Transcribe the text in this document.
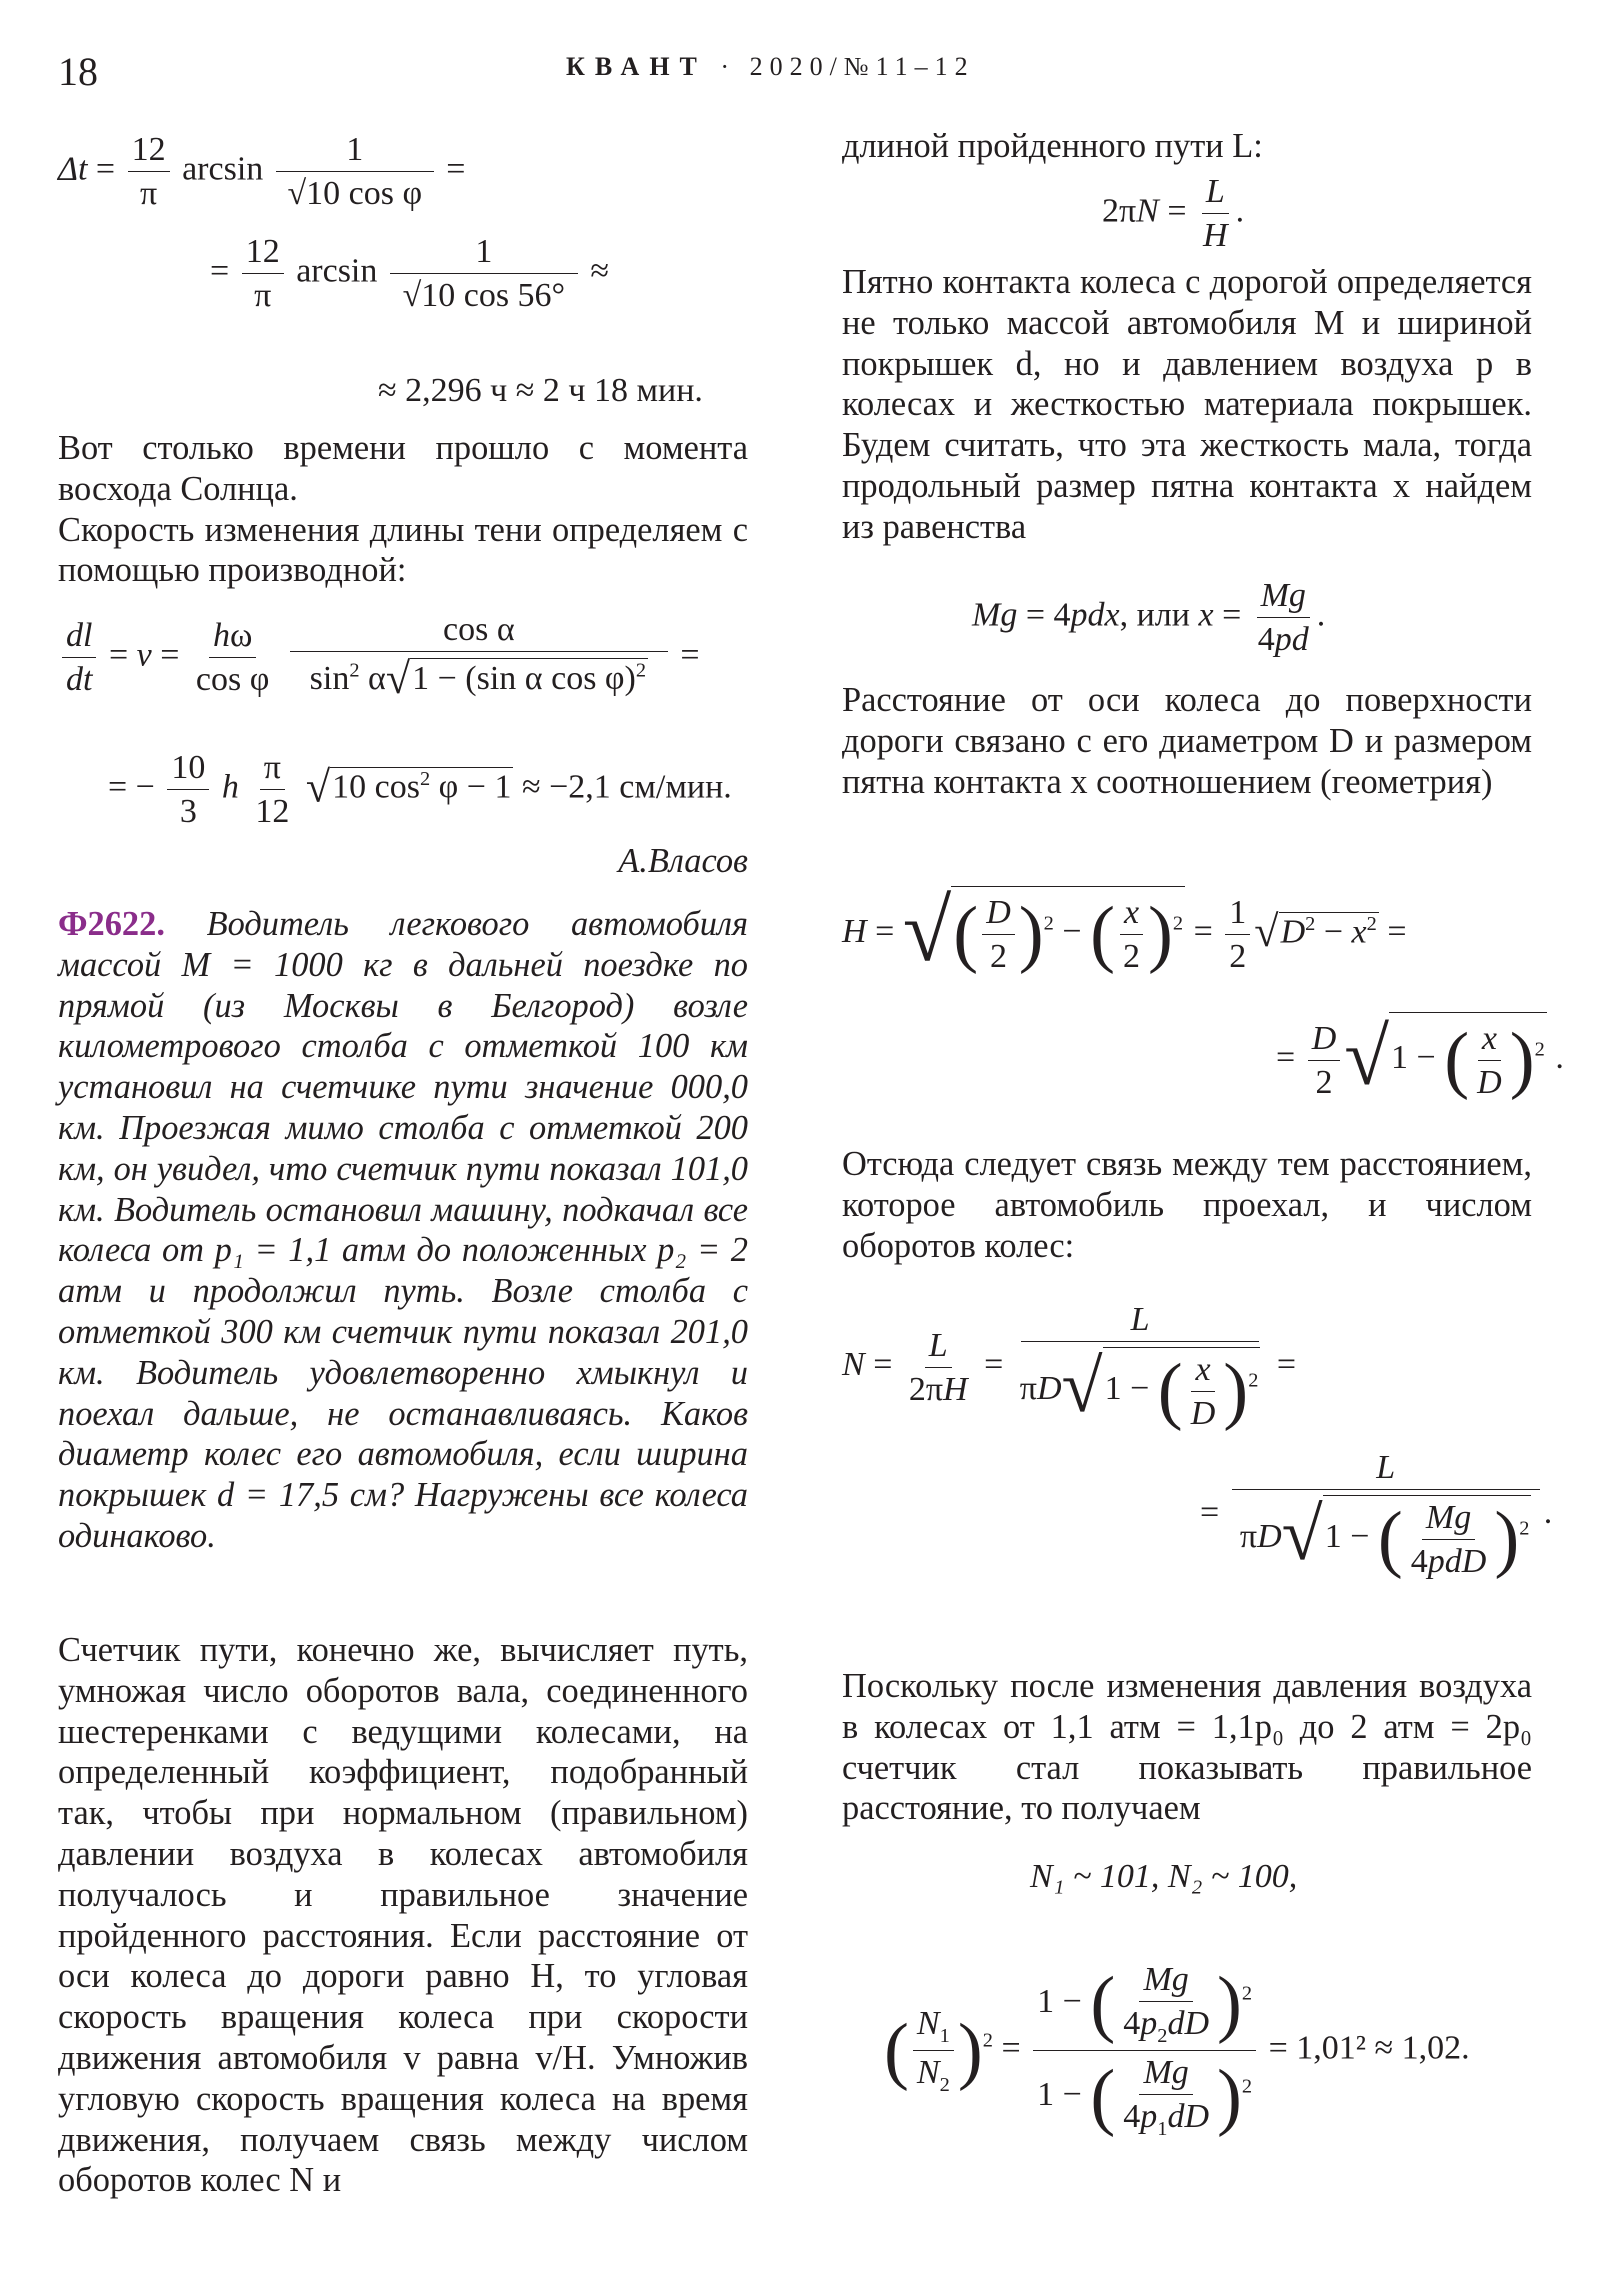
18	КВАНТ · 2020/№11–12
$\Delta t = \frac{12}{\pi}$ $\arcsin \frac{1}{\text{√10 cos φ}}$ =
= $\frac{12}{\pi}$ $\arcsin \frac{1}{√10 \cos 56^\circ}$ ≈
≈ 2,296 ч ≈ 2 ч 18 мин.

Вот столько времени прошло с момента восхода Солнца.

Скорость изменения длины тени определяем с помощью производной:

$\frac{dl}{dt} = v = \frac{h\omega}{\text{cos φ}}$
$\frac{\text{cos α}}{\sin^2 \alpha√1 - (\sin \alpha \cos \varphi)^2}$ =
= − $\frac{10}{3}$ h $\frac{\pi}{12} √10$ $\cos^2 \varphi - 1 \approx -2,1$ см/мин.
А.Власов

Ф2622. Водитель легкового автомобиля массой M = 1000 кг в дальней поездке по прямой (из Москвы в Белгород) возле километрового столба с отметкой 100 км установил на счетчике пути значение 000,0 км. Проезжая мимо столба с отметкой 200 км, он увидел, что счетчик пути показал 101,0 км. Водитель остановил машину, подкачал все колеса от p₁ = 1,1 атм до положенных p₂ = 2 атм и продолжил путь. Возле столба с отметкой 300 км счетчик пути показал 201,0 км. Водитель удовлетворенно хмыкнул и поехал дальше, не останавливаясь. Каков диаметр колес его автомобиля, если ширина покрышек d = 17,5 см? Нагружены все колеса одинаково.

Счетчик пути, конечно же, вычисляет путь, умножая число оборотов вала, соединенного шестеренками с ведущими колесами, на определенный коэффициент, подобранный так, чтобы при нормальном (правильном) давлении воздуха в колесах автомобиля получалось и правильное значение пройденного расстояния. Если расстояние от оси колеса до дороги равно H, то угловая скорость вращения колеса при скорости движения автомобиля v равна v/H. Умножив угловую скорость вращения колеса на время движения, получаем связь между числом оборотов колес N и

длиной пройденного пути L:

$2\pi N = \frac{L}{H}$ .

Пятно контакта колеса с дорогой определяется не только массой автомобиля M и шириной покрышек d, но и давлением воздуха p в колесах и жесткостью материала покрышек. Будем считать, что эта жесткость мала, тогда продольный размер пятна контакта x найдем из равенства

Mg = 4pdx, или $x = \frac{Mg}{4pd}$ .

Расстояние от оси колеса до поверхности дороги связано с его диаметром D и размером пятна контакта x соотношением (геометрия)

H = √( $\frac{D}{2} )^2$ − ( $\frac{x}{2} )^2 = \frac{1}{2} √D^2 - x^2$ =
= $\frac{D}{2} √1$ − ( $\frac{x}{D} )^2$ .

Отсюда следует связь между тем расстоянием, которое автомобиль проехал, и числом оборотов колес:

$N = \frac{L}{2\pi H} = \frac{L}{\pi D√1 - ( \frac{x}{D} )^2}$ =
= $\frac{L}{\pi D√1 - ( \frac{Mg}{\text{4pdD}} )^2}$ .

Поскольку после изменения давления воздуха в колесах от 1,1 атм = 1,1p₀ до 2 атм = 2p₀ счетчик стал показывать правильное расстояние, то получаем

N₁ ~ 101, N₂ ~ 100,
( $\frac{N_1}{N_2} )^2 = \frac{1 - ( \frac{Mg}{4p_2dD} )^2}{1 - ( \frac{Mg}{4p_1dD} )^2} = 1,01^2 \approx 1,02$.
